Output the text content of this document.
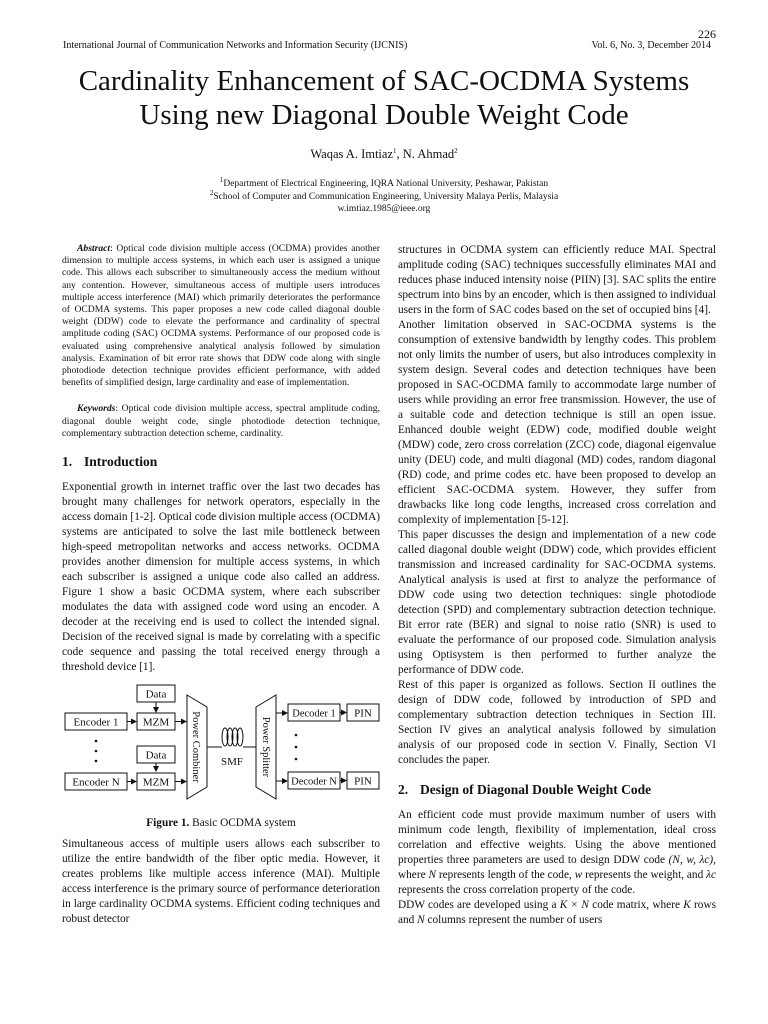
226
International Journal of Communication Networks and Information Security (IJCNIS)	Vol. 6, No. 3, December 2014
Cardinality Enhancement of SAC-OCDMA Systems
Using new Diagonal Double Weight Code
Waqas A. Imtiaz$^1$, N. Ahmad$^2$
$^1$Department of Electrical Engineering, IQRA National University, Peshawar, Pakistan
$^2$School of Computer and Communication Engineering, University Malaya Perlis, Malaysia
w.imtiaz.1985@ieee.org

Abstract: Optical code division multiple access (OCDMA) provides another dimension to multiple access systems, in which each user is assigned a unique code. This allows each subscriber to simultaneously access the medium without any contention. However, simultaneous access of multiple users introduces multiple access interference (MAI) which primarily deteriorates the performance of OCDMA systems. This paper proposes a new code called diagonal double weight (DDW) code to elevate the performance and cardinality of spectral amplitude coding (SAC) OCDMA systems. Performance of our proposed code is evaluated using comprehensive analytical analysis followed by simulation analysis. Examination of bit error rate shows that DDW code along with single photodiode detection technique provides efficient performance, with added benefits of simplified design, large cardinality and ease of implementation.

Keywords: Optical code division multiple access, spectral amplitude coding, diagonal double weight code, single photodiode detection technique, complementary subtraction detection scheme, cardinality.

1. Introduction

Exponential growth in internet traffic over the last two decades has brought many challenges for network operators, especially in the access domain [1-2]. Optical code division multiple access (OCDMA) systems are anticipated to solve the last mile bottleneck between high-speed metropolitan networks and access networks. OCDMA provides another dimension for multiple access systems, in which each subscriber is assigned a unique code also called an address. Figure 1 show a basic OCDMA system, where each subscriber modulates the data with assigned code word using an encoder. A decoder at the receiving end is used to collect the intended signal. Decision of the received signal is made by correlating with a specific code sequence and passing the total received energy through a threshold device [1].

Data
Encoder 1 MZM
Data
Encoder N MZM Power Combiner SMF Power Splitter
Decoder 1
Decoder N
PIN
PIN
Figure 1. Basic OCDMA system

Simultaneous access of multiple users allows each subscriber to utilize the entire bandwidth of the fiber optic media. However, it creates problems like multiple access inference (MAI). Multiple access interference is the primary source of performance deterioration in large cardinality OCDMA systems. Efficient coding techniques and robust detector

structures in OCDMA system can efficiently reduce MAI. Spectral amplitude coding (SAC) techniques successfully eliminates MAI and reduces phase induced intensity noise (PIIN) [3]. SAC splits the entire spectrum into bins by an encoder, which is then assigned to individual users in the form of SAC codes based on the set of occupied bins [4].

Another limitation observed in SAC-OCDMA systems is the consumption of extensive bandwidth by lengthy codes. This problem not only limits the number of users, but also introduces complexity in system design. Several codes and detection techniques have been proposed in SAC-OCDMA family to accommodate large number of users while providing an error free transmission. However, the use of a suitable code and detection technique is still an open issue. Enhanced double weight (EDW) code, modified double weight (MDW) code, zero cross correlation (ZCC) code, diagonal eigenvalue unity (DEU) code, and multi diagonal (MD) codes, random diagonal (RD) code, and prime codes etc. have been proposed to develop an efficient SAC-OCDMA system. However, they suffer from drawbacks like long code lengths, increased cross correlation and complexity of implementation [5-12].

This paper discusses the design and implementation of a new code called diagonal double weight (DDW) code, which provides efficient transmission and increased cardinality for SAC-OCDMA systems. Analytical analysis is used at first to analyze the performance of DDW code using two detection techniques: single photodiode detection (SPD) and complementary subtraction detection technique. Bit error rate (BER) and signal to noise ratio (SNR) is used to evaluate the performance of our proposed code. Simulation analysis using Optisystem is then performed to further analyze the performance of DDW code.

Rest of this paper is organized as follows. Section II outlines the design of DDW code, followed by introduction of SPD and complementary subtraction detection techniques in Section III. Section IV gives an analytical analysis followed by simulation analysis of our proposed code in section V. Finally, Section VI concludes the paper.

2. Design of Diagonal Double Weight Code

An efficient code must provide maximum number of users with minimum code length, flexibility of implementation, ideal cross correlation and effective weights. Using the above mentioned properties three parameters are used to design DDW code (N, w, λc), where N represents length of the code, w represents the weight, and λc represents the cross correlation property of the code.

DDW codes are developed using a K × N code matrix, where K rows and N columns represent the number of users
